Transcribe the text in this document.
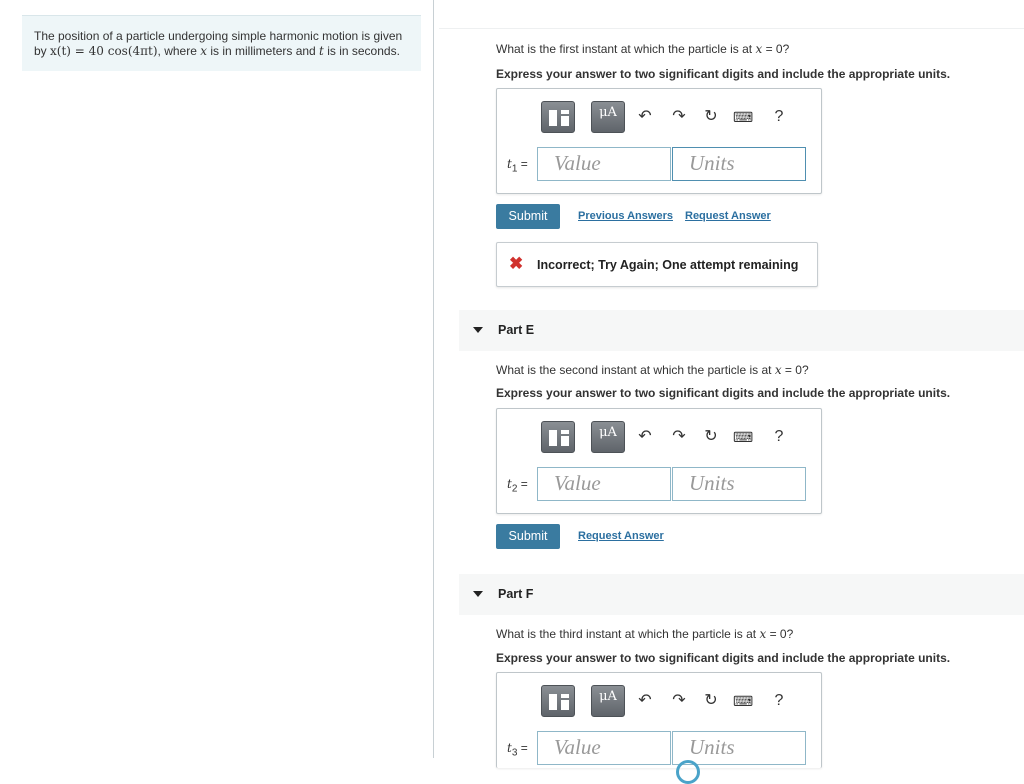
The position of a particle undergoing simple harmonic motion is given by x(t) = 40 cos(4πt), where x is in millimeters and t is in seconds.	What is the first instant at which the particle is at x = 0?
Express your answer to two significant digits and include the appropriate units.
μA	↶ ↷ ↻ ⌨	?
$t_1$ =	Value	Units
Submit	Previous Answers Request Answer
✖ Incorrect; Try Again; One attempt remaining
Part E
What is the second instant at which the particle is at x = 0?
Express your answer to two significant digits and include the appropriate units.
μA	↶ ↷ ↻ ⌨	?
$t_2$ =	Value	Units
Submit	Request Answer
Part F
What is the third instant at which the particle is at x = 0?
Express your answer to two significant digits and include the appropriate units.
μA	↶ ↷ ↻ ⌨	?
$t_3$ =	Value	Units
